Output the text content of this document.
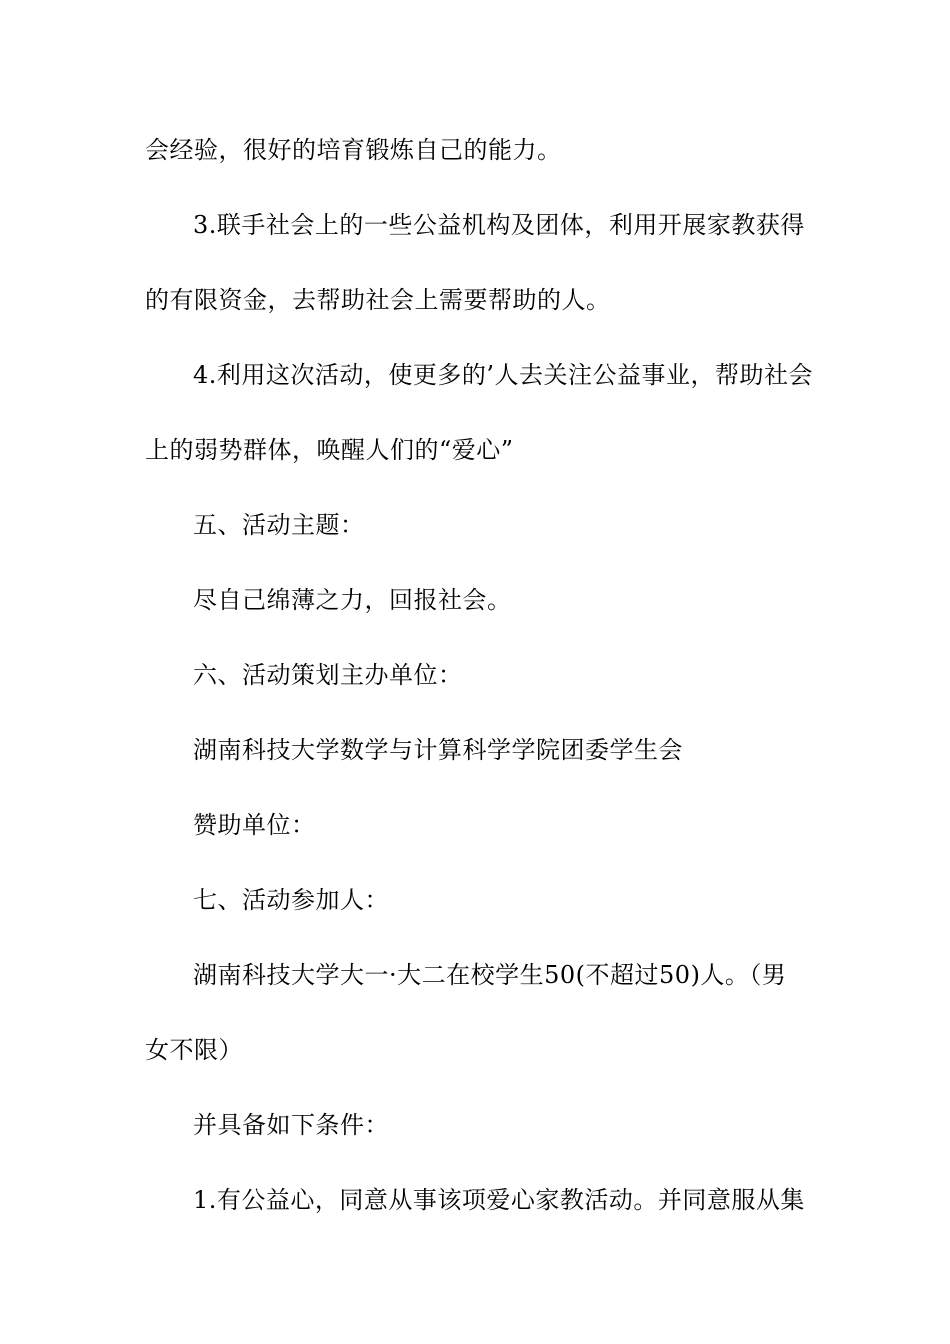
会经验，很好的培育锻炼自己的能力。
3.联手社会上的一些公益机构及团体，利用开展家教获得
的有限资金，去帮助社会上需要帮助的人。
4.利用这次活动，使更多的’人去关注公益事业，帮助社会
上的弱势群体，唤醒人们的“爱心”
五、活动主题：
尽自己绵薄之力，回报社会。
六、活动策划主办单位：
湖南科技大学数学与计算科学学院团委学生会
赞助单位：
七、活动参加人：
湖南科技大学大一·大二在校学生50(不超过50)人。（男
女不限）
并具备如下条件：
1.有公益心，同意从事该项爱心家教活动。并同意服从集
